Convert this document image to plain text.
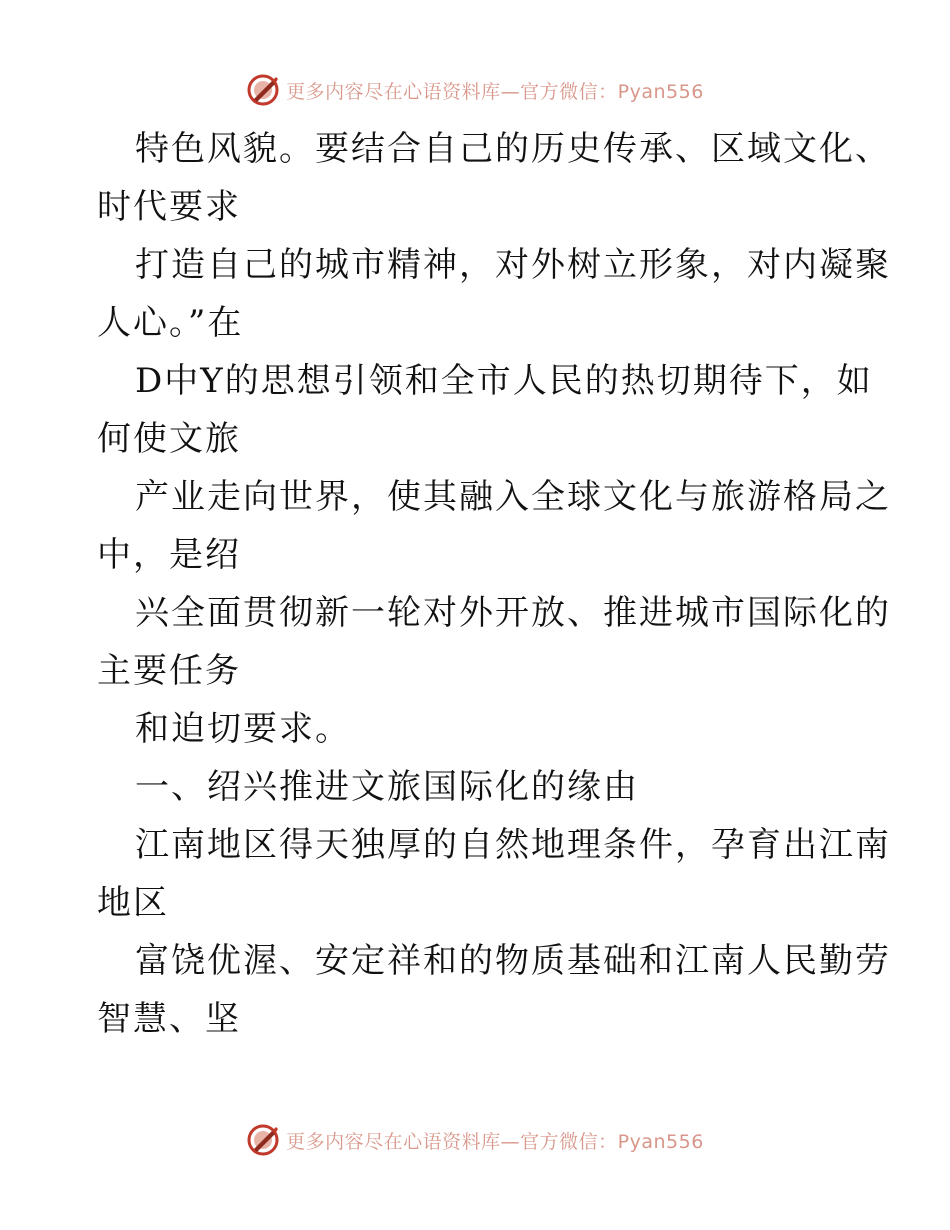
更多内容尽在心语资料库—官方微信：Pyan556
特色风貌。要结合自己的历史传承、区域文化、
时代要求
打造自己的城市精神，对外树立形象，对内凝聚
人心。”在
D中Y的思想引领和全市人民的热切期待下，如
何使文旅
产业走向世界，使其融入全球文化与旅游格局之
中，是绍
兴全面贯彻新一轮对外开放、推进城市国际化的
主要任务
和迫切要求。
一、绍兴推进文旅国际化的缘由
江南地区得天独厚的自然地理条件，孕育出江南
地区
富饶优渥、安定祥和的物质基础和江南人民勤劳
智慧、坚
更多内容尽在心语资料库—官方微信：Pyan556
